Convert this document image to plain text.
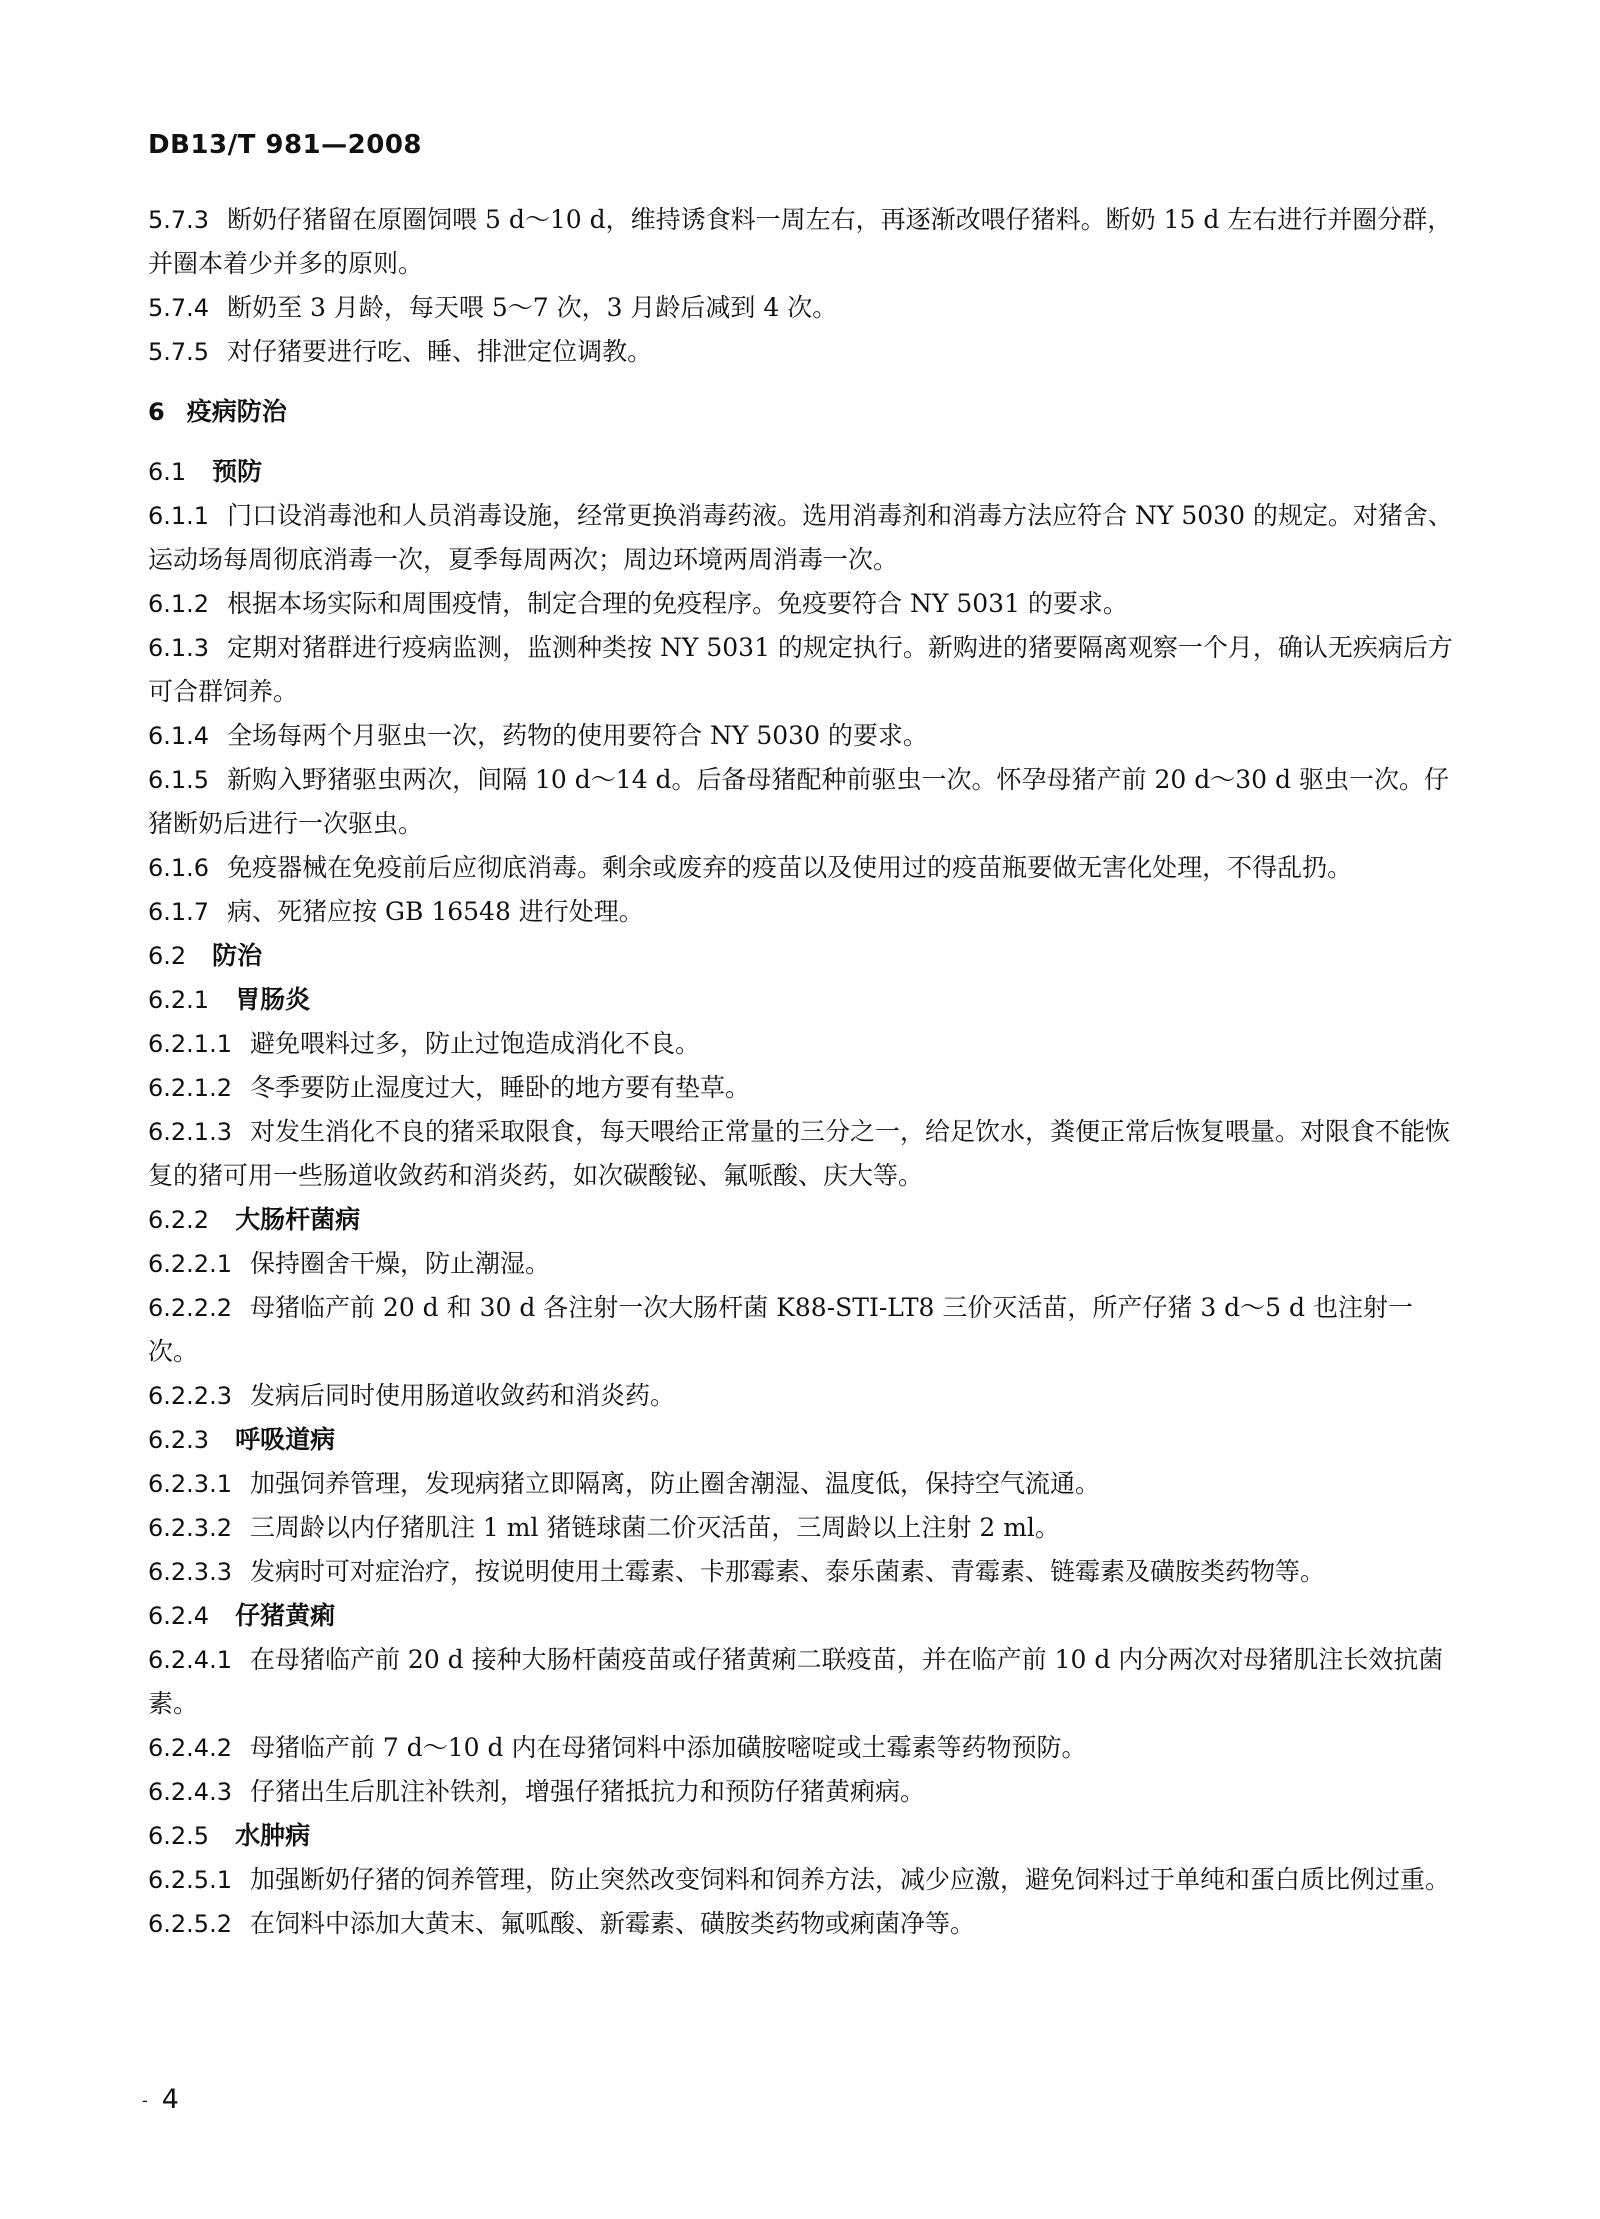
DB13/T 981—2008

5.7.3 断奶仔猪留在原圈饲喂 5 d～10 d，维持诱食料一周左右，再逐渐改喂仔猪料。断奶 15 d 左右进行并圈分群，并圈本着少并多的原则。

5.7.4 断奶至 3 月龄，每天喂 5～7 次，3 月龄后减到 4 次。

5.7.5 对仔猪要进行吃、睡、排泄定位调教。

6 疫病防治

6.1 预防

6.1.1 门口设消毒池和人员消毒设施，经常更换消毒药液。选用消毒剂和消毒方法应符合 NY 5030 的规定。对猪舍、运动场每周彻底消毒一次，夏季每周两次；周边环境两周消毒一次。

6.1.2 根据本场实际和周围疫情，制定合理的免疫程序。免疫要符合 NY 5031 的要求。

6.1.3 定期对猪群进行疫病监测，监测种类按 NY 5031 的规定执行。新购进的猪要隔离观察一个月，确认无疾病后方可合群饲养。

6.1.4 全场每两个月驱虫一次，药物的使用要符合 NY 5030 的要求。

6.1.5 新购入野猪驱虫两次，间隔 10 d～14 d。后备母猪配种前驱虫一次。怀孕母猪产前 20 d～30 d 驱虫一次。仔猪断奶后进行一次驱虫。

6.1.6 免疫器械在免疫前后应彻底消毒。剩余或废弃的疫苗以及使用过的疫苗瓶要做无害化处理，不得乱扔。

6.1.7 病、死猪应按 GB 16548 进行处理。

6.2 防治

6.2.1 胃肠炎

6.2.1.1 避免喂料过多，防止过饱造成消化不良。

6.2.1.2 冬季要防止湿度过大，睡卧的地方要有垫草。

6.2.1.3 对发生消化不良的猪采取限食，每天喂给正常量的三分之一，给足饮水，粪便正常后恢复喂量。对限食不能恢复的猪可用一些肠道收敛药和消炎药，如次碳酸铋、氟哌酸、庆大等。

6.2.2 大肠杆菌病

6.2.2.1 保持圈舍干燥，防止潮湿。

6.2.2.2 母猪临产前 20 d 和 30 d 各注射一次大肠杆菌 K88-STI-LT8 三价灭活苗，所产仔猪 3 d～5 d 也注射一次。

6.2.2.3 发病后同时使用肠道收敛药和消炎药。

6.2.3 呼吸道病

6.2.3.1 加强饲养管理，发现病猪立即隔离，防止圈舍潮湿、温度低，保持空气流通。

6.2.3.2 三周龄以内仔猪肌注 1 ml 猪链球菌二价灭活苗，三周龄以上注射 2 ml。

6.2.3.3 发病时可对症治疗，按说明使用土霉素、卡那霉素、泰乐菌素、青霉素、链霉素及磺胺类药物等。

6.2.4 仔猪黄痢

6.2.4.1 在母猪临产前 20 d 接种大肠杆菌疫苗或仔猪黄痢二联疫苗，并在临产前 10 d 内分两次对母猪肌注长效抗菌素。

6.2.4.2 母猪临产前 7 d～10 d 内在母猪饲料中添加磺胺嘧啶或土霉素等药物预防。

6.2.4.3 仔猪出生后肌注补铁剂，增强仔猪抵抗力和预防仔猪黄痢病。

6.2.5 水肿病

6.2.5.1 加强断奶仔猪的饲养管理，防止突然改变饲料和饲养方法，减少应激，避免饲料过于单纯和蛋白质比例过重。

6.2.5.2 在饲料中添加大黄末、氟呱酸、新霉素、磺胺类药物或痢菌净等。

- 4
